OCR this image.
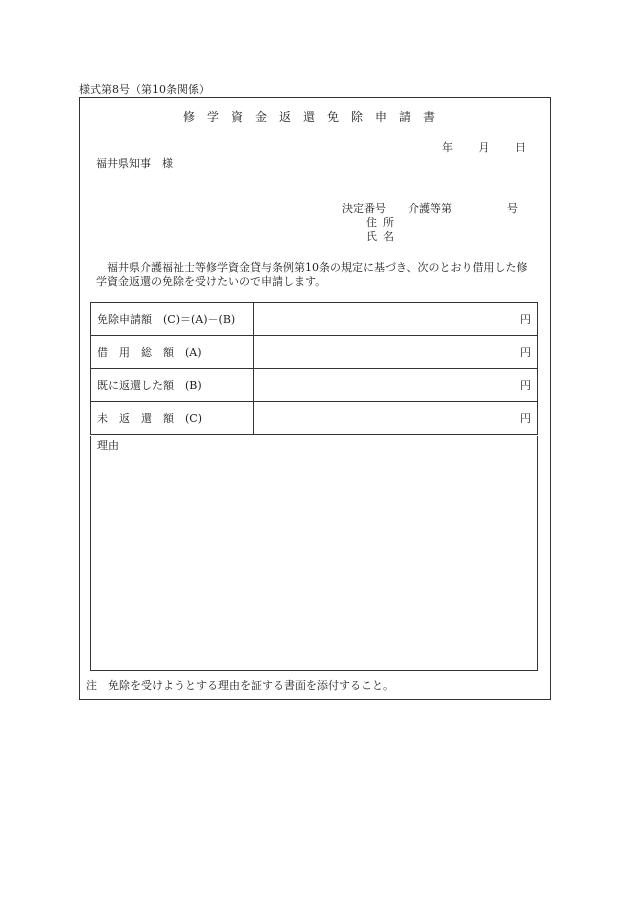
様式第8号（第10条関係）
修学資金返還免除申請書
年 月 日
福井県知事　様
決定番号　　介護等第　　　　　号
住所
氏名
福井県介護福祉士等修学資金貸与条例第10条の規定に基づき、次のとおり借用した修学資金返還の免除を受けたいので申請します。
免除申請額　(C)＝(A)－(B)	円
借　用　総　額　(A)	円
既に返還した額　(B)	円
未　返　還　額　(C)	円
理由
注　免除を受けようとする理由を証する書面を添付すること。
